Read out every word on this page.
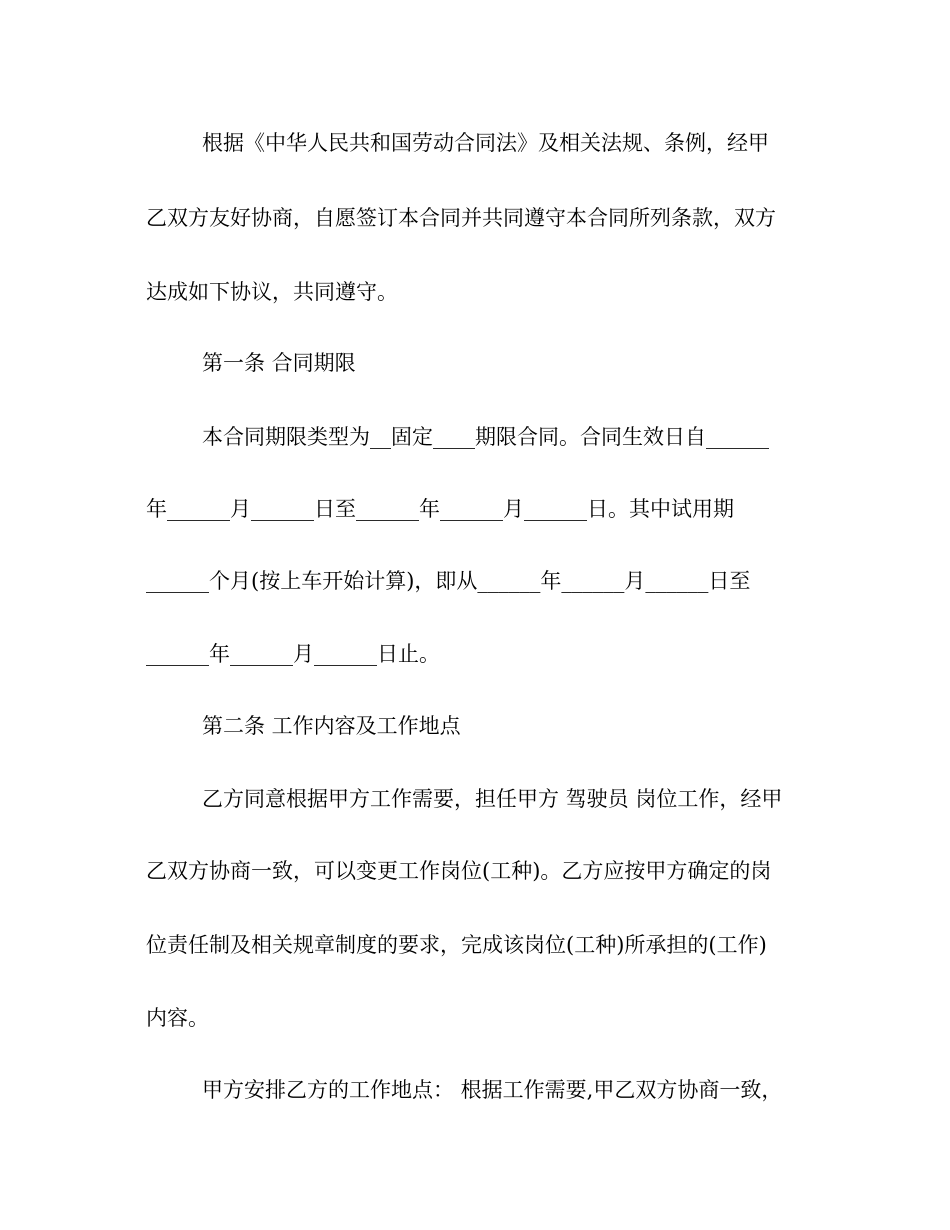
根据《中华人民共和国劳动合同法》及相关法规、条例，经甲
乙双方友好协商，自愿签订本合同并共同遵守本合同所列条款，双方
达成如下协议，共同遵守。
第一条 合同期限
本合同期限类型为__固定____期限合同。合同生效日自______
年______月______日至______年______月______日。其中试用期
______个月(按上车开始计算)，即从______年______月______日至
______年______月______日止。
第二条 工作内容及工作地点
乙方同意根据甲方工作需要，担任甲方 驾驶员 岗位工作，经甲
乙双方协商一致，可以变更工作岗位(工种)。乙方应按甲方确定的岗
位责任制及相关规章制度的要求，完成该岗位(工种)所承担的(工作)
内容。
甲方安排乙方的工作地点： 根据工作需要,甲乙双方协商一致，
